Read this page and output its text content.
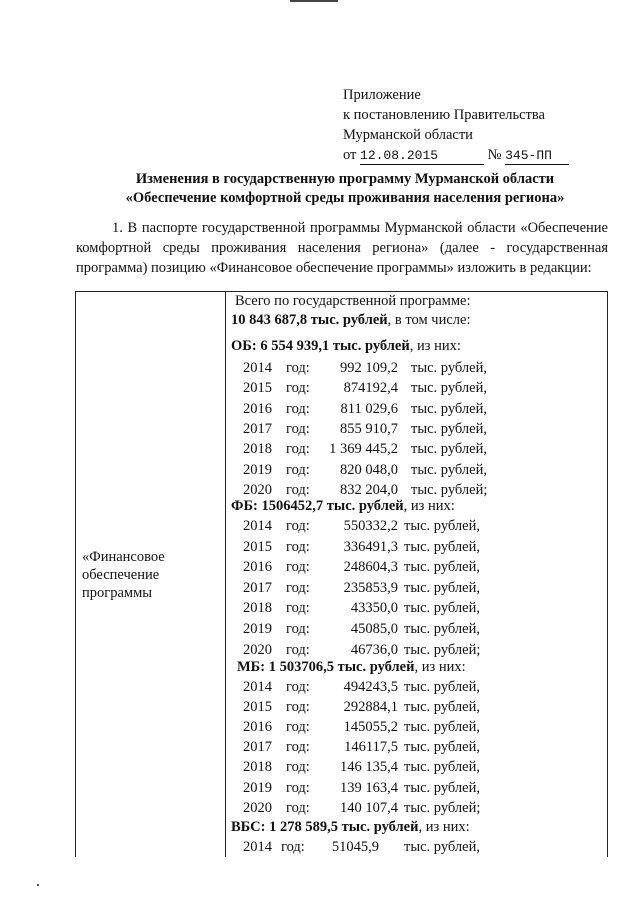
Приложение
к постановлению Правительства
Мурманской области
от 12.08.2015	№ 345-ПП
Изменения в государственную программу Мурманской области
«Обеспечение комфортной среды проживания населения региона»
1. В паспорте государственной программы Мурманской области «Обеспечение комфортной среды проживания населения региона» (далее - государственная программа) позицию «Финансовое обеспечение программы» изложить в редакции:
«Финансовое
обеспечение
программы
Всего по государственной программе:
10 843 687,8 тыс. рублей, в том числе:
ОБ: 6 554 939,1 тыс. рублей, из них:
2014 год: 992 109,2 тыс. рублей,
2015 год: 874192,4 тыс. рублей,
2016 год: 811 029,6 тыс. рублей,
2017 год: 855 910,7 тыс. рублей,
2018 год: 1 369 445,2 тыс. рублей,
2019 год: 820 048,0 тыс. рублей,
2020 год: 832 204,0 тыс. рублей;
ФБ: 1506452,7 тыс. рублей, из них:
2014 год: 550332,2 тыс. рублей,
2015 год: 336491,3 тыс. рублей,
2016 год: 248604,3 тыс. рублей,
2017 год: 235853,9 тыс. рублей,
2018 год:	43350,0 тыс. рублей,
2019 год:	45085,0 тыс. рублей,
2020 год:	46736,0 тыс. рублей;
МБ: 1 503706,5 тыс. рублей, из них:
2014 год: 494243,5 тыс. рублей,
2015 год: 292884,1 тыс. рублей,
2016 год: 145055,2 тыс. рублей,
2017 год: 146117,5 тыс. рублей,
2018 год: 146 135,4 тыс. рублей,
2019 год: 139 163,4 тыс. рублей,
2020 год: 140 107,4 тыс. рублей;
ВБС: 1 278 589,5 тыс. рублей, из них:
2014 год: 51045,9 тыс. рублей,
